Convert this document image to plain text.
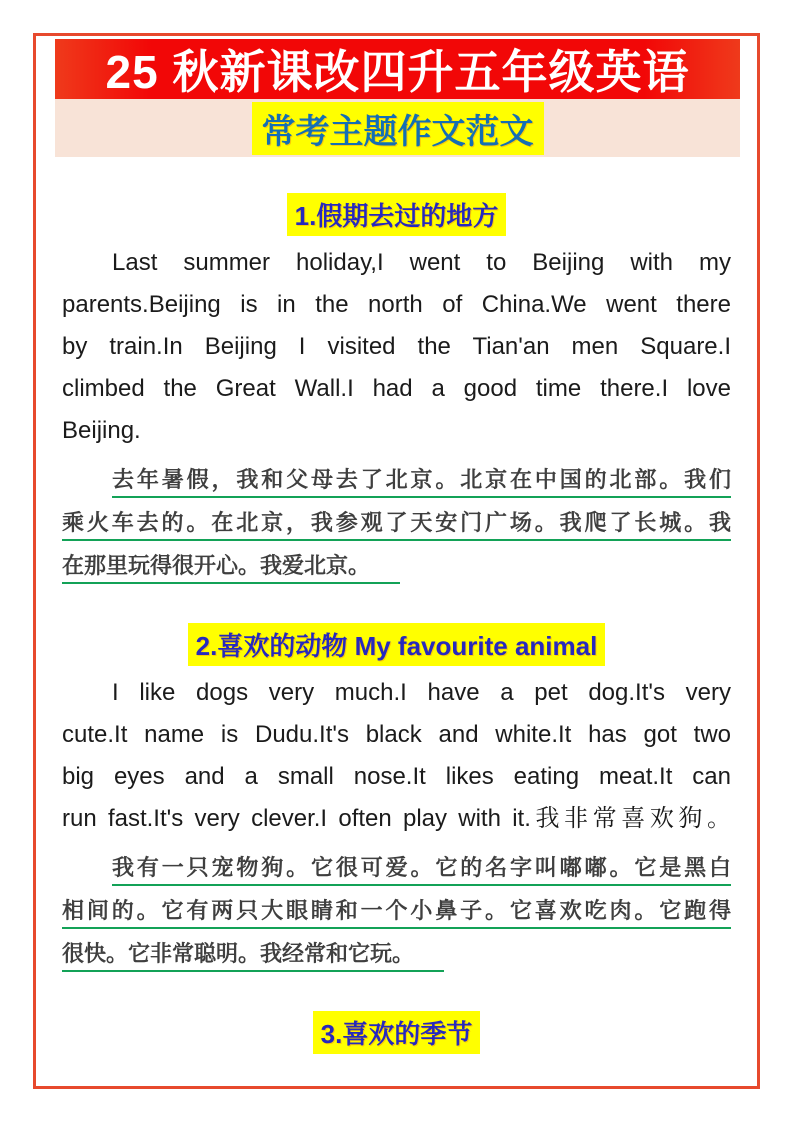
25 秋新课改四升五年级英语
常考主题作文范文
1.假期去过的地方
Last summer holiday,I went to Beijing with my
parents.Beijing is in the north of China.We went there
by train.In Beijing I visited the Tian'an men Square.I
climbed the Great Wall.I had a good time there.I love
Beijing.
去年暑假，我和父母去了北京。北京在中国的北部。我们
乘火车去的。在北京，我参观了天安门广场。我爬了长城。我
在那里玩得很开心。我爱北京。
2.喜欢的动物 My favourite animal
I like dogs very much.I have a pet dog.It's very
cute.It name is Dudu.It's black and white.It has got two
big eyes and a small nose.It likes eating meat.It can
run fast.It's very clever.I often play with it.我非常喜欢狗。
我有一只宠物狗。它很可爱。它的名字叫嘟嘟。它是黑白
相间的。它有两只大眼睛和一个小鼻子。它喜欢吃肉。它跑得
很快。它非常聪明。我经常和它玩。
3.喜欢的季节
